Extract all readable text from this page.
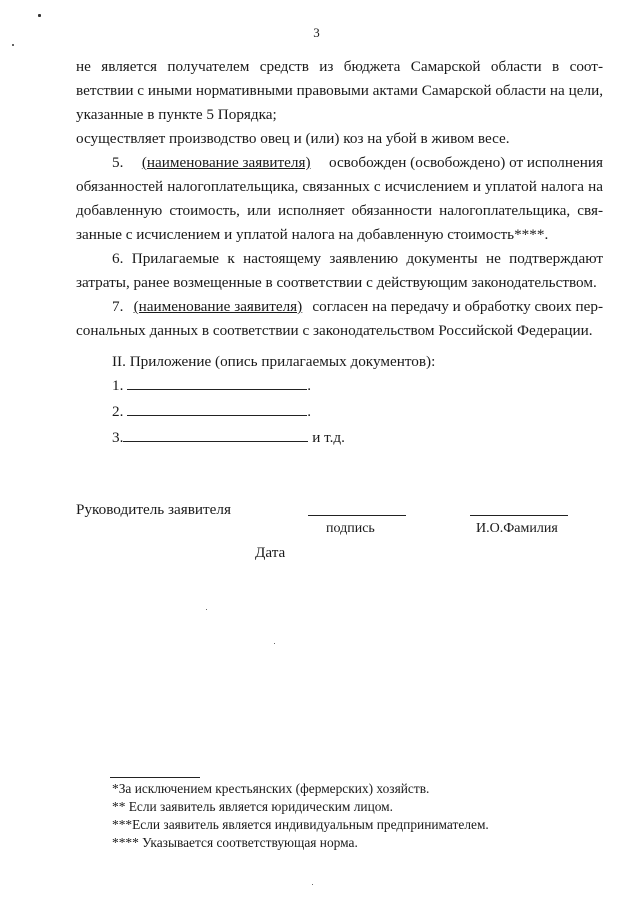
3
не является получателем средств из бюджета Самарской области в соот-
ветствии с иными нормативными правовыми актами Самарской области на цели,
указанные в пункте 5 Порядка;
осуществляет производство овец и (или) коз на убой в живом весе.
5. (наименование заявителя) освобожден (освобождено) от исполнения
обязанностей налогоплательщика, связанных с исчислением и уплатой налога на
добавленную стоимость, или исполняет обязанности налогоплательщика, свя-
занные с исчислением и уплатой налога на добавленную стоимость****.
6. Прилагаемые к настоящему заявлению документы не подтверждают
затраты, ранее возмещенные в соответствии с действующим законодательством.
7. (наименование заявителя) согласен на передачу и обработку своих пер-
сональных данных в соответствии с законодательством Российской Федерации.
II. Приложение (опись прилагаемых документов):
1.	.
2.	.
3.	и т.д.
Руководитель заявителя
подпись	И.О.Фамилия
Дата
*За исключением крестьянских (фермерских) хозяйств.
** Если заявитель является юридическим лицом.
***Если заявитель является индивидуальным предпринимателем.
**** Указывается соответствующая норма.
